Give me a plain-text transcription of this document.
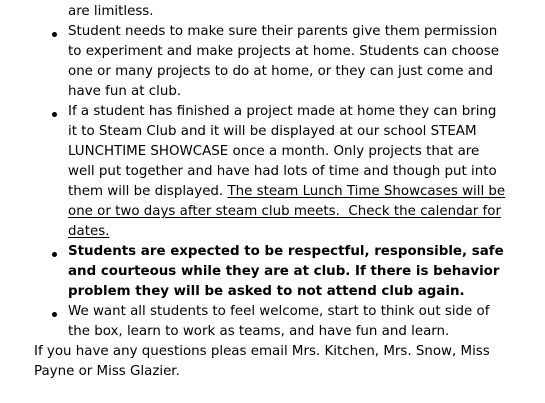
are limitless.
Student needs to make sure their parents give them permission
to experiment and make projects at home. Students can choose
one or many projects to do at home, or they can just come and
have fun at club.
If a student has finished a project made at home they can bring
it to Steam Club and it will be displayed at our school STEAM
LUNCHTIME SHOWCASE once a month. Only projects that are
well put together and have had lots of time and though put into
them will be displayed. The steam Lunch Time Showcases will be
one or two days after steam club meets.  Check the calendar for
dates.
Students are expected to be respectful, responsible, safe
and courteous while they are at club. If there is behavior
problem they will be asked to not attend club again.
We want all students to feel welcome, start to think out side of
the box, learn to work as teams, and have fun and learn.
If you have any questions pleas email Mrs. Kitchen, Mrs. Snow, Miss
Payne or Miss Glazier.
